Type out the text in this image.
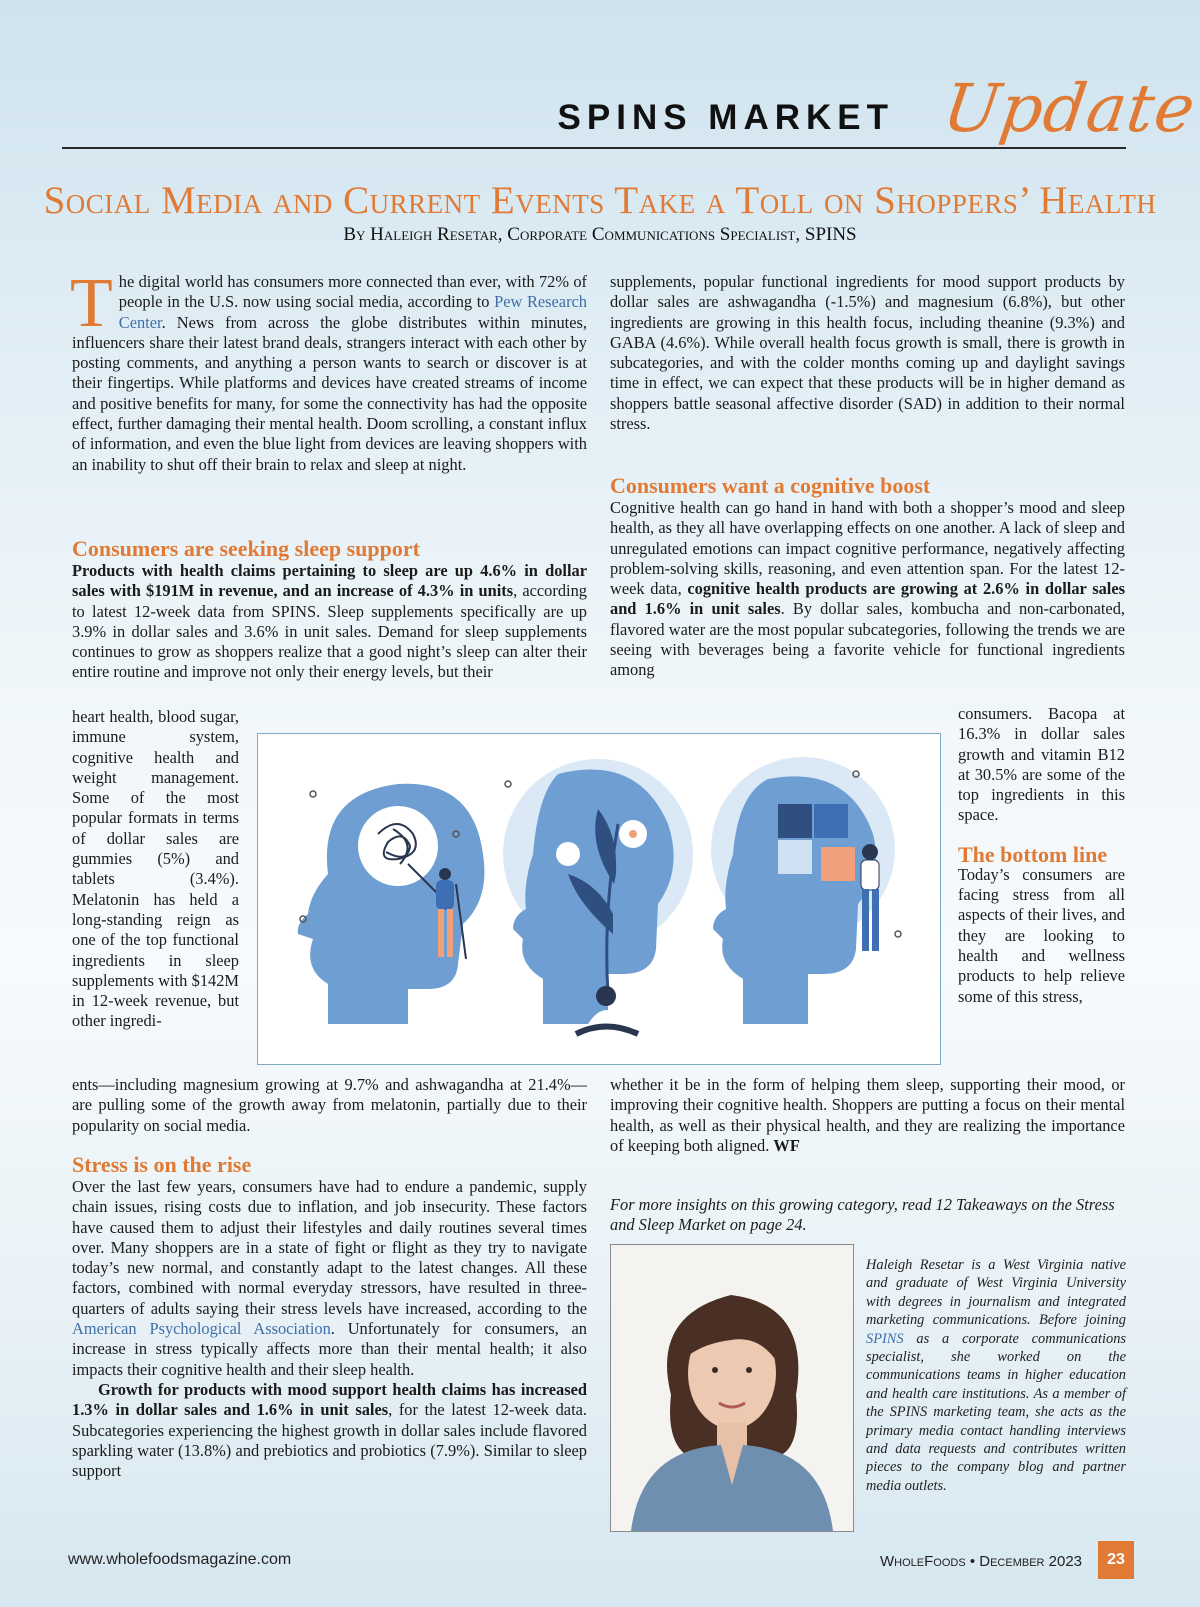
SPINS MARKET Update
Social Media and Current Events Take a Toll on Shoppers’ Health
By Haleigh Resetar, Corporate Communications Specialist, SPINS

The digital world has consumers more connected than ever, with 72% of people in the U.S. now using social media, according to Pew Research Center. News from across the globe distributes within minutes, influencers share their latest brand deals, strangers interact with each other by posting comments, and anything a person wants to search or discover is at their fingertips. While platforms and devices have created streams of income and positive benefits for many, for some the connectivity has had the opposite effect, further damaging their mental health. Doom scrolling, a constant influx of information, and even the blue light from devices are leaving shoppers with an inability to shut off their brain to relax and sleep at night.

Consumers are seeking sleep support

Products with health claims pertaining to sleep are up 4.6% in dollar sales with $191M in revenue, and an increase of 4.3% in units, according to latest 12-week data from SPINS. Sleep supplements specifically are up 3.9% in dollar sales and 3.6% in unit sales. Demand for sleep supplements continues to grow as shoppers realize that a good night’s sleep can alter their entire routine and improve not only their energy levels, but their

heart health, blood sugar, immune system, cognitive health and weight management. Some of the most popular formats in terms of dollar sales are gummies (5%) and tablets (3.4%). Melatonin has held a long-standing reign as one of the top functional ingredients in sleep supplements with $142M in 12-week revenue, but other ingredi-

ents—including magnesium growing at 9.7% and ashwagandha at 21.4%—are pulling some of the growth away from melatonin, partially due to their popularity on social media.

Stress is on the rise

Over the last few years, consumers have had to endure a pandemic, supply chain issues, rising costs due to inflation, and job insecurity. These factors have caused them to adjust their lifestyles and daily routines several times over. Many shoppers are in a state of fight or flight as they try to navigate today’s new normal, and constantly adapt to the latest changes. All these factors, combined with normal everyday stressors, have resulted in three-quarters of adults saying their stress levels have increased, according to the American Psychological Association. Unfortunately for consumers, an increase in stress typically affects more than their mental health; it also impacts their cognitive health and their sleep health.

Growth for products with mood support health claims has increased 1.3% in dollar sales and 1.6% in unit sales, for the latest 12-week data. Subcategories experiencing the highest growth in dollar sales include flavored sparkling water (13.8%) and prebiotics and probiotics (7.9%). Similar to sleep support

supplements, popular functional ingredients for mood support products by dollar sales are ashwagandha (-1.5%) and magnesium (6.8%), but other ingredients are growing in this health focus, including theanine (9.3%) and GABA (4.6%). While overall health focus growth is small, there is growth in subcategories, and with the colder months coming up and daylight savings time in effect, we can expect that these products will be in higher demand as shoppers battle seasonal affective disorder (SAD) in addition to their normal stress.

Consumers want a cognitive boost

Cognitive health can go hand in hand with both a shopper’s mood and sleep health, as they all have overlapping effects on one another. A lack of sleep and unregulated emotions can impact cognitive performance, negatively affecting problem-solving skills, reasoning, and even attention span. For the latest 12-week data, cognitive health products are growing at 2.6% in dollar sales and 1.6% in unit sales. By dollar sales, kombucha and non-carbonated, flavored water are the most popular subcategories, following the trends we are seeing with beverages being a favorite vehicle for functional ingredients among

consumers. Bacopa at 16.3% in dollar sales growth and vitamin B12 at 30.5% are some of the top ingredients in this space.

The bottom line

Today’s consumers are facing stress from all aspects of their lives, and they are looking to health and wellness products to help relieve some of this stress,

whether it be in the form of helping them sleep, supporting their mood, or improving their cognitive health. Shoppers are putting a focus on their mental health, as well as their physical health, and they are realizing the importance of keeping both aligned. WF

For more insights on this growing category, read 12 Takeaways on the Stress and Sleep Market on page 24.
Haleigh Resetar is a West Virginia native and graduate of West Virginia University with degrees in journalism and integrated marketing communications. Before joining SPINS as a corporate communications specialist, she worked on the communications teams in higher education and health care institutions. As a member of the SPINS marketing team, she acts as the primary media contact handling interviews and data requests and contributes written pieces to the company blog and partner media outlets.
www.wholefoodsmagazine.com	WholeFoods • December 2023	23
